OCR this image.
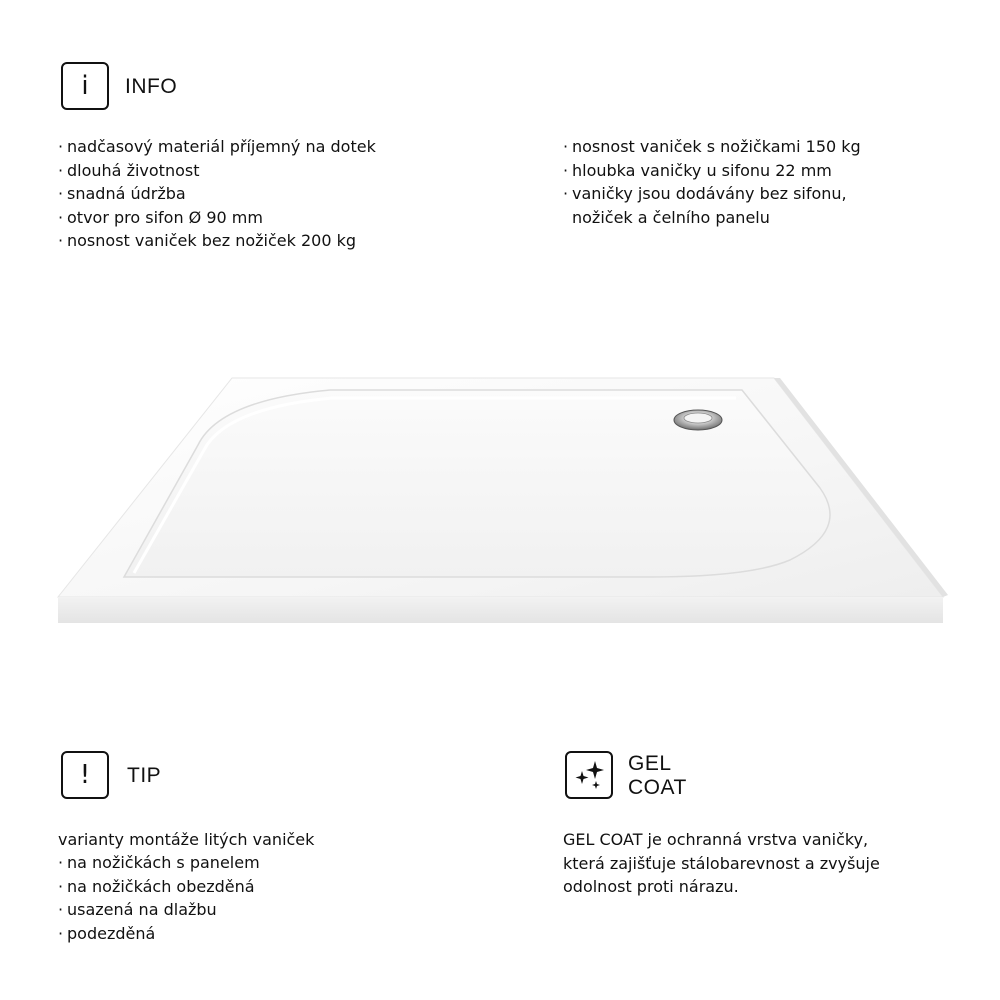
i INFO
· nadčasový materiál příjemný na dotek
· dlouhá životnost
· snadná údržba
· otvor pro sifon Ø 90 mm
· nosnost vaniček bez nožiček 200 kg
· nosnost vaniček s nožičkami 150 kg
· hloubka vaničky u sifonu 22 mm
· vaničky jsou dodávány bez sifonu,
nožiček a čelního panelu
! TIP

varianty montáže litých vaniček

· na nožičkách s panelem
· na nožičkách obezděná
· usazená na dlažbu
· podezděná
GEL
COAT
GEL COAT je ochranná vrstva vaničky,
která zajišťuje stálobarevnost a zvyšuje
odolnost proti nárazu.
